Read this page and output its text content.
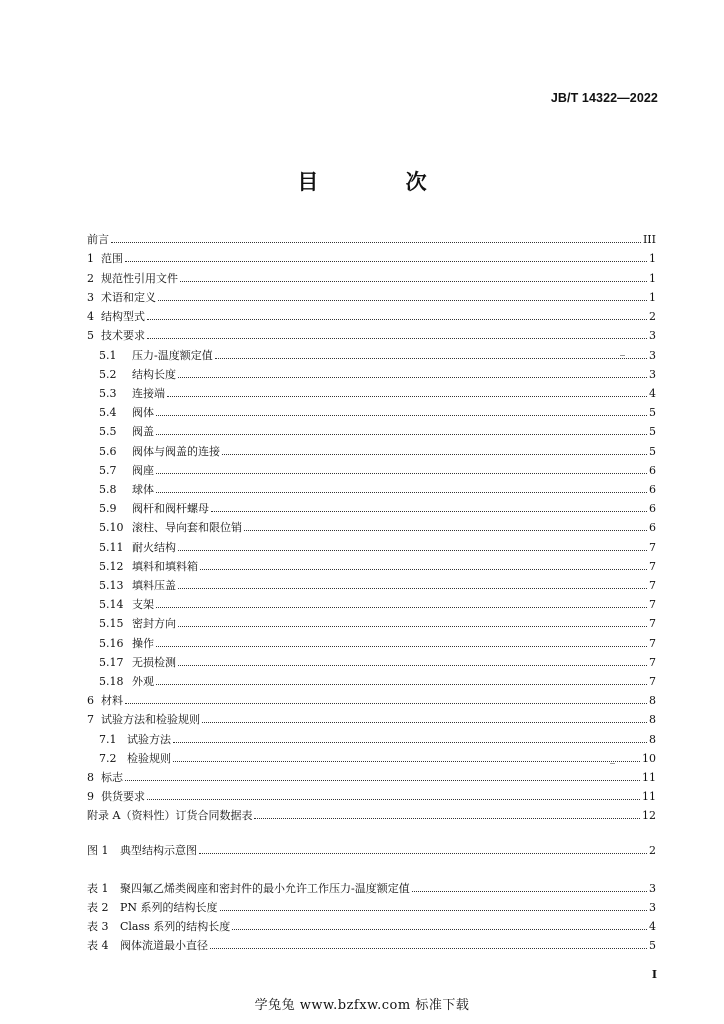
JB/T 14322—2022
目 次
前言	III
1 范围	1
2 规范性引用文件	1
3 术语和定义	1
4 结构型式	2
5 技术要求	3
5.1	压力-温度额定值	3
5.2	结构长度	3
5.3	连接端	4
5.4	阀体	5
5.5	阀盖	5
5.6	阀体与阀盖的连接	5
5.7	阀座	6
5.8	球体	6
5.9	阀杆和阀杆螺母	6
5.10 滚柱、导向套和限位销	6
5.11 耐火结构	7
5.12 填料和填料箱	7
5.13 填料压盖	7
5.14 支架	7
5.15 密封方向	7
5.16 操作	7
5.17 无损检测	7
5.18 外观	7
6 材料	8
7 试验方法和检验规则	8
7.1 试验方法	8
7.2 检验规则	10
8 标志	11
9 供货要求	11
附录 A（资料性） 订货合同数据表	12
图 1	典型结构示意图	2
表 1	聚四氟乙烯类阀座和密封件的最小允许工作压力-温度额定值	3
表 2	PN 系列的结构长度	3
表 3	Class 系列的结构长度	4
表 4	阀体流道最小直径	5
I
学兔兔 www.bzfxw.com 标准下载
